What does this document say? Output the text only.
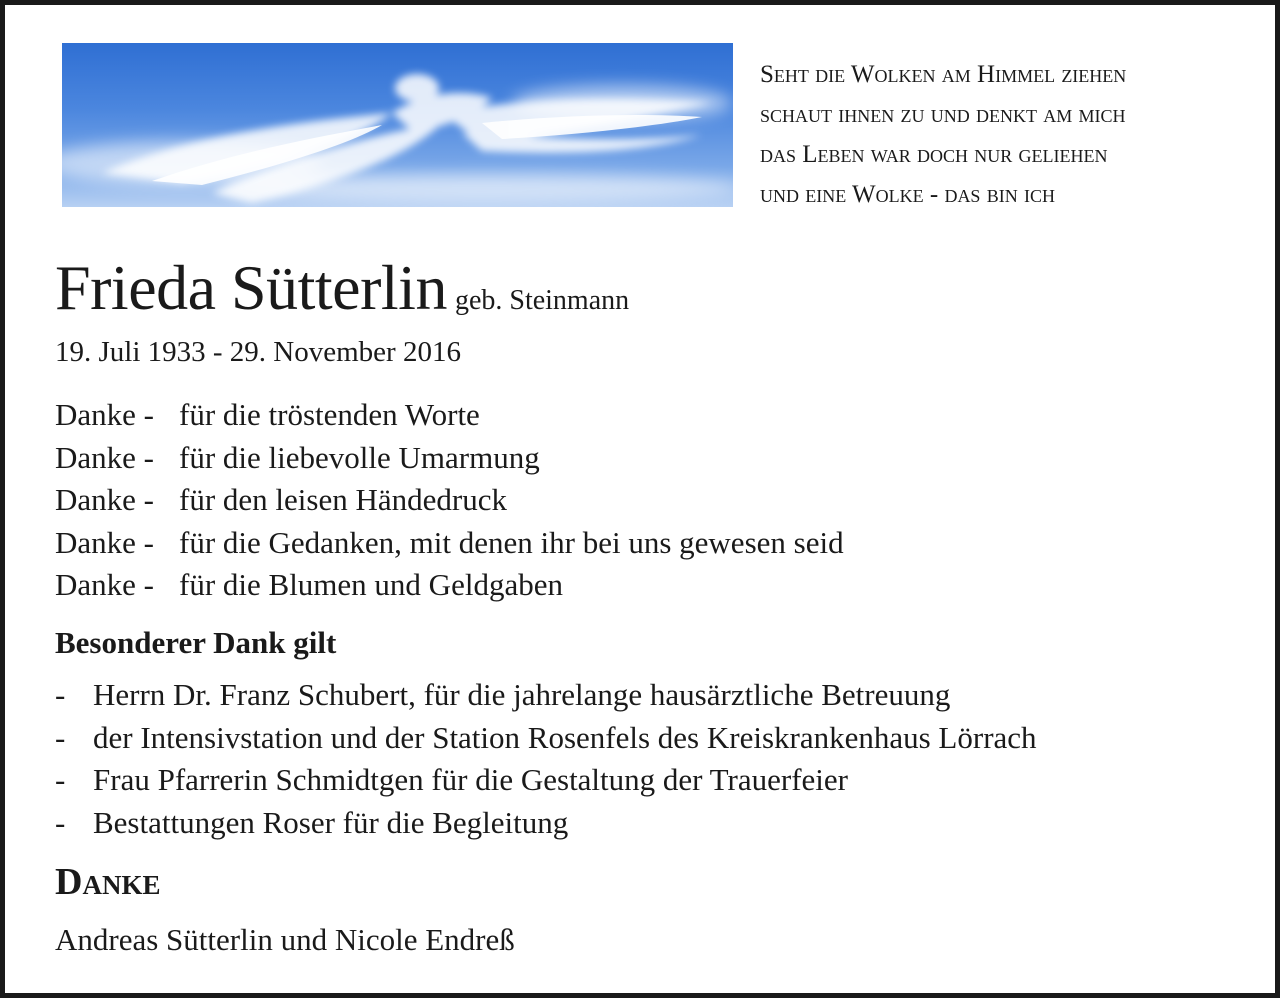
Seht die Wolken am Himmel ziehen
schaut ihnen zu und denkt am mich
das Leben war doch nur geliehen
und eine Wolke - das bin ich
Frieda Sütterlin geb. Steinmann
19. Juli 1933 - 29. November 2016
Danke - für die tröstenden Worte
Danke - für die liebevolle Umarmung
Danke - für den leisen Händedruck
Danke - für die Gedanken, mit denen ihr bei uns gewesen seid
Danke - für die Blumen und Geldgaben
Besonderer Dank gilt
- Herrn Dr. Franz Schubert, für die jahrelange hausärztliche Betreuung
- der Intensivstation und der Station Rosenfels des Kreiskrankenhaus Lörrach
- Frau Pfarrerin Schmidtgen für die Gestaltung der Trauerfeier
- Bestattungen Roser für die Begleitung
Danke
Andreas Sütterlin und Nicole Endreß
